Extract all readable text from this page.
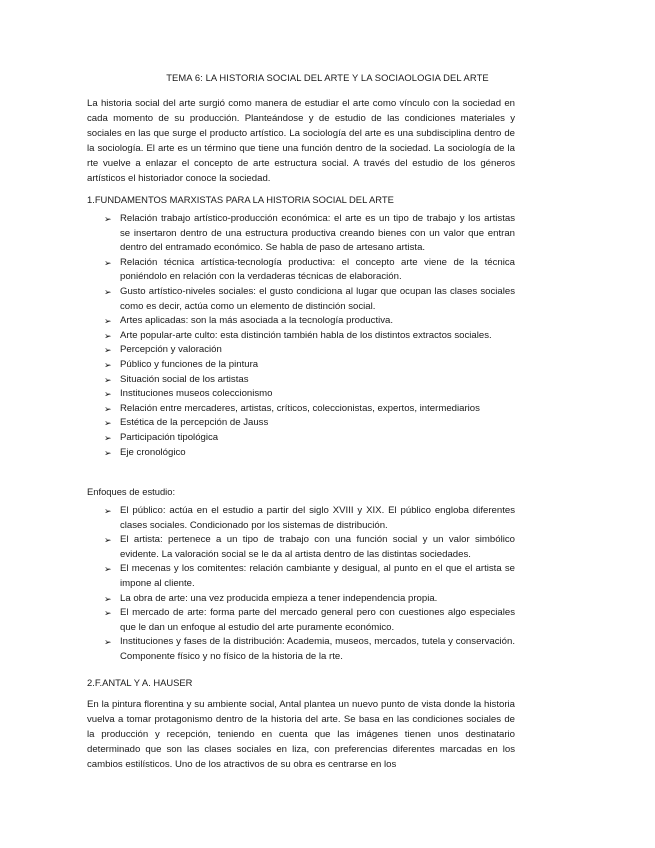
TEMA 6: LA HISTORIA SOCIAL DEL ARTE Y LA SOCIAOLOGIA DEL ARTE

La historia social del arte surgió como manera de estudiar el arte como vínculo con la sociedad en cada momento de su producción. Planteándose y de estudio de las condiciones materiales y sociales en las que surge el producto artístico. La sociología del arte es una subdisciplina dentro de la sociología. El arte es un término que tiene una función dentro de la sociedad. La sociología de la rte vuelve a enlazar el concepto de arte estructura social. A través del estudio de los géneros artísticos el historiador conoce la sociedad.

1.FUNDAMENTOS MARXISTAS PARA LA HISTORIA SOCIAL DEL ARTE
➢ Relación trabajo artístico-producción económica: el arte es un tipo de trabajo y los artistas se insertaron dentro de una estructura productiva creando bienes con un valor que entran dentro del entramado económico. Se habla de paso de artesano artista.
➢ Relación técnica artística-tecnología productiva: el concepto arte viene de la técnica poniéndolo en relación con la verdaderas técnicas de elaboración.
➢ Gusto artístico-niveles sociales: el gusto condiciona al lugar que ocupan las clases sociales como es decir, actúa como un elemento de distinción social.
➢ Artes aplicadas: son la más asociada a la tecnología productiva.
➢ Arte popular-arte culto: esta distinción también habla de los distintos extractos sociales.
➢ Percepción y valoración
➢ Público y funciones de la pintura
➢ Situación social de los artistas
➢ Instituciones museos coleccionismo
➢ Relación entre mercaderes, artistas, críticos, coleccionistas, expertos, intermediarios
➢ Estética de la percepción de Jauss
➢ Participación tipológica
➢ Eje cronológico
Enfoques de estudio:
➢ El público: actúa en el estudio a partir del siglo XVIII y XIX. El público engloba diferentes clases sociales. Condicionado por los sistemas de distribución.
➢ El artista: pertenece a un tipo de trabajo con una función social y un valor simbólico evidente. La valoración social se le da al artista dentro de las distintas sociedades.
➢ El mecenas y los comitentes: relación cambiante y desigual, al punto en el que el artista se impone al cliente.
➢ La obra de arte: una vez producida empieza a tener independencia propia.
➢ El mercado de arte: forma parte del mercado general pero con cuestiones algo especiales que le dan un enfoque al estudio del arte puramente económico.
➢ Instituciones y fases de la distribución: Academia, museos, mercados, tutela y conservación. Componente físico y no físico de la historia de la rte.
2.F.ANTAL Y A. HAUSER

En la pintura florentina y su ambiente social, Antal plantea un nuevo punto de vista donde la historia vuelva a tomar protagonismo dentro de la historia del arte. Se basa en las condiciones sociales de la producción y recepción, teniendo en cuenta que las imágenes tienen unos destinatario determinado que son las clases sociales en liza, con preferencias diferentes marcadas en los cambios estilísticos. Uno de los atractivos de su obra es centrarse en los
